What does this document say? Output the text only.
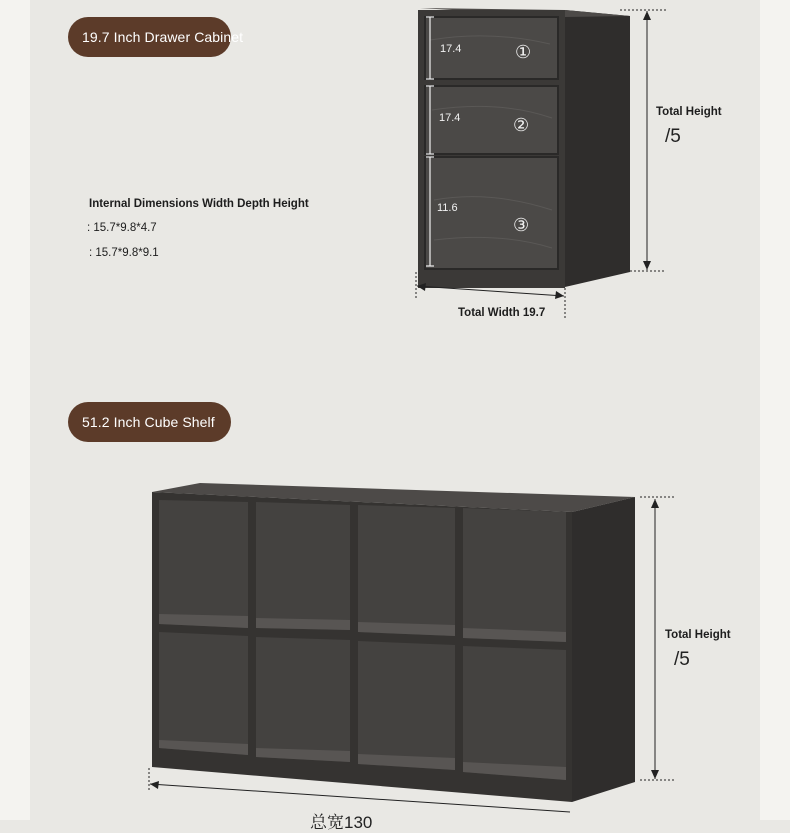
19.7 Inch Drawer Cabinet
Internal Dimensions Width Depth Height
: 15.7*9.8*4.7
: 15.7*9.8*9.1
17.4
17.4
11.6
①
②
③
Total Height
/5
Total Width 19.7
51.2 Inch Cube Shelf
Total Height
/5
总宽130
